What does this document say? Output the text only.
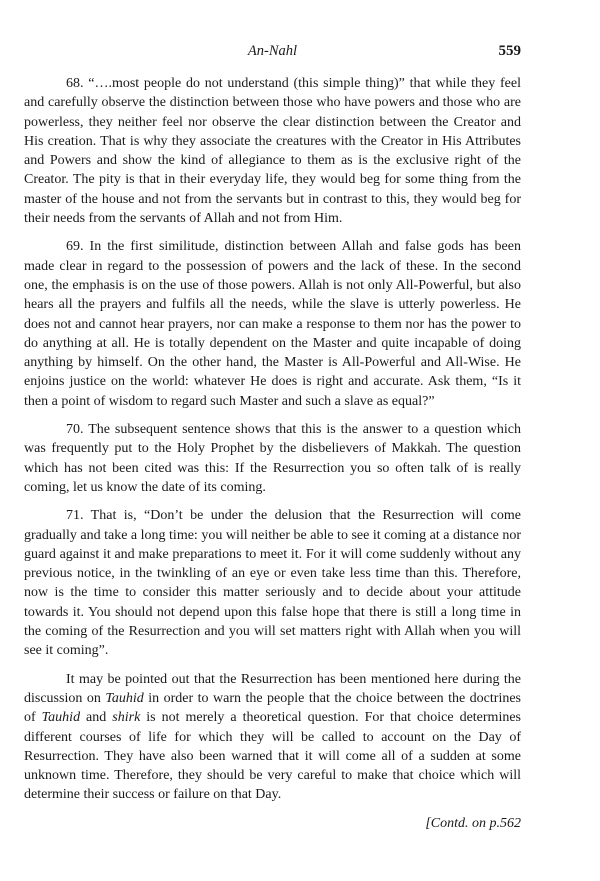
An-Nahl	559

68. “….most people do not understand (this simple thing)” that while they feel and carefully observe the distinction between those who have powers and those who are powerless, they neither feel nor observe the clear distinction between the Creator and His creation. That is why they associate the creatures with the Creator in His Attributes and Powers and show the kind of allegiance to them as is the exclusive right of the Creator. The pity is that in their everyday life, they would beg for some thing from the master of the house and not from the servants but in contrast to this, they would beg for their needs from the servants of Allah and not from Him.

69. In the first similitude, distinction between Allah and false gods has been made clear in regard to the possession of powers and the lack of these. In the second one, the emphasis is on the use of those powers. Allah is not only All-Powerful, but also hears all the prayers and fulfils all the needs, while the slave is utterly powerless. He does not and cannot hear prayers, nor can make a response to them nor has the power to do anything at all. He is totally dependent on the Master and quite incapable of doing anything by himself. On the other hand, the Master is All-Powerful and All-Wise. He enjoins justice on the world: whatever He does is right and accurate. Ask them, “Is it then a point of wisdom to regard such Master and such a slave as equal?”

70. The subsequent sentence shows that this is the answer to a question which was frequently put to the Holy Prophet by the disbelievers of Makkah. The question which has not been cited was this: If the Resurrection you so often talk of is really coming, let us know the date of its coming.

71. That is, “Don’t be under the delusion that the Resurrection will come gradually and take a long time: you will neither be able to see it coming at a distance nor guard against it and make preparations to meet it. For it will come suddenly without any previous notice, in the twinkling of an eye or even take less time than this. Therefore, now is the time to consider this matter seriously and to decide about your attitude towards it. You should not depend upon this false hope that there is still a long time in the coming of the Resurrection and you will set matters right with Allah when you will see it coming”.

It may be pointed out that the Resurrection has been mentioned here during the discussion on Tauhid in order to warn the people that the choice between the doctrines of Tauhid and shirk is not merely a theoretical question. For that choice determines different courses of life for which they will be called to account on the Day of Resurrection. They have also been warned that it will come all of a sudden at some unknown time. Therefore, they should be very careful to make that choice which will determine their success or failure on that Day.

[Contd. on p.562
